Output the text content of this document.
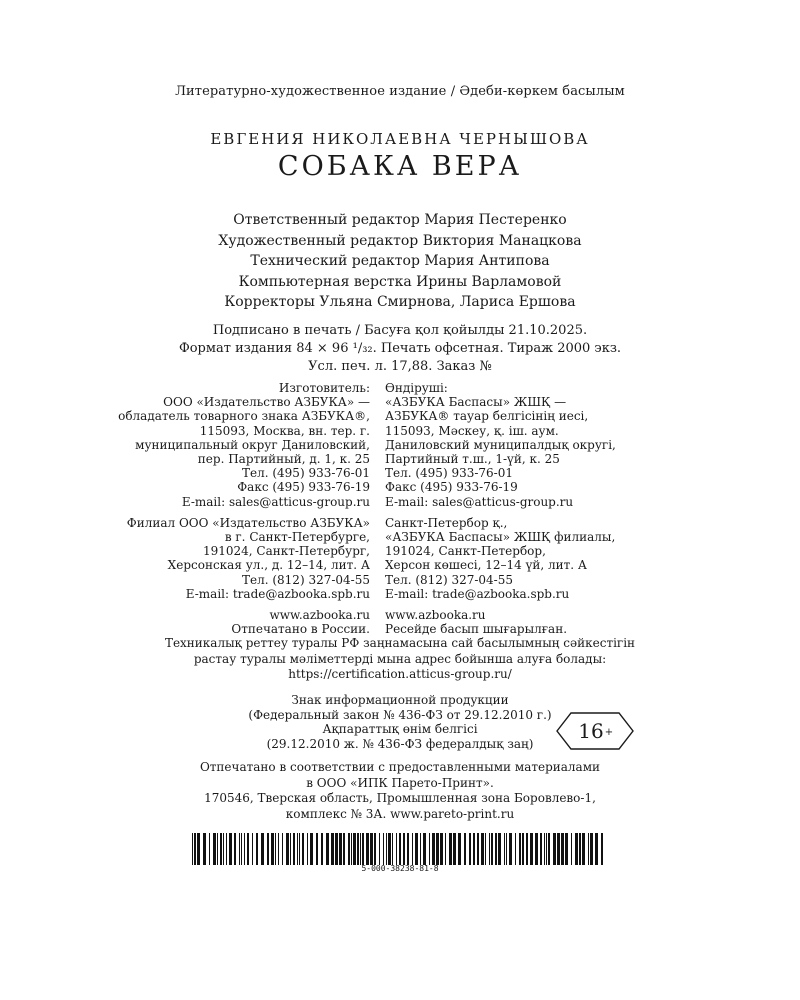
Литературно-художественное издание / Әдеби-көркем басылым
ЕВГЕНИЯ НИКОЛАЕВНА ЧЕРНЫШОВА
СОБАКА ВЕРА
Ответственный редактор Мария Пестеренко
Художественный редактор Виктория Манацкова
Технический редактор Мария Антипова
Компьютерная верстка Ирины Варламовой
Корректоры Ульяна Смирнова, Лариса Ершова
Подписано в печать / Басуға қол қойылды 21.10.2025.
Формат издания 84 × 96 ¹/₃₂. Печать офсетная. Тираж 2000 экз.
Усл. печ. л. 17,88. Заказ №
Изготовитель:
ООО «Издательство АЗБУКА» —
обладатель товарного знака АЗБУКА®,
115093, Москва, вн. тер. г.
муниципальный округ Даниловский,
пер. Партийный, д. 1, к. 25
Тел. (495) 933-76-01
Факс (495) 933-76-19
E-mail: sales@atticus-group.ru
Филиал ООО «Издательство АЗБУКА»
в г. Санкт-Петербурге,
191024, Санкт-Петербург,
Херсонская ул., д. 12–14, лит. А
Тел. (812) 327-04-55
E-mail: trade@azbooka.spb.ru
www.azbooka.ru
Отпечатано в России.
Өндіруші:
«АЗБУКА Баспасы» ЖШҚ —
АЗБУКА® тауар белгісінің иесі,
115093, Мәскеу, қ. іш. аум.
Даниловский муниципалдық округі,
Партийный т.ш., 1-үй, к. 25
Тел. (495) 933-76-01
Факс (495) 933-76-19
E-mail: sales@atticus-group.ru
Санкт-Петербор қ.,
«АЗБУКА Баспасы» ЖШҚ филиалы,
191024, Санкт-Петербор,
Херсон көшесі, 12–14 үй, лит. А
Тел. (812) 327-04-55
E-mail: trade@azbooka.spb.ru
www.azbooka.ru
Ресейде басып шығарылған.
Техникалық реттеу туралы РФ заңнамасына сай басылымның сәйкестігін
растау туралы мәліметтерді мына адрес бойынша алуға болады:
https://certification.atticus-group.ru/
Знак информационной продукции
(Федеральный закон № 436-ФЗ от 29.12.2010 г.)
Ақпараттық өнім белгісі
(29.12.2010 ж. № 436-ФЗ федералдық заң)
16 +
Отпечатано в соответствии с предоставленными материалами
в ООО «ИПК Парето-Принт».
170546, Тверская область, Промышленная зона Боровлево-1,
комплекс № 3А. www.pareto-print.ru
5-000-38238-81-8
